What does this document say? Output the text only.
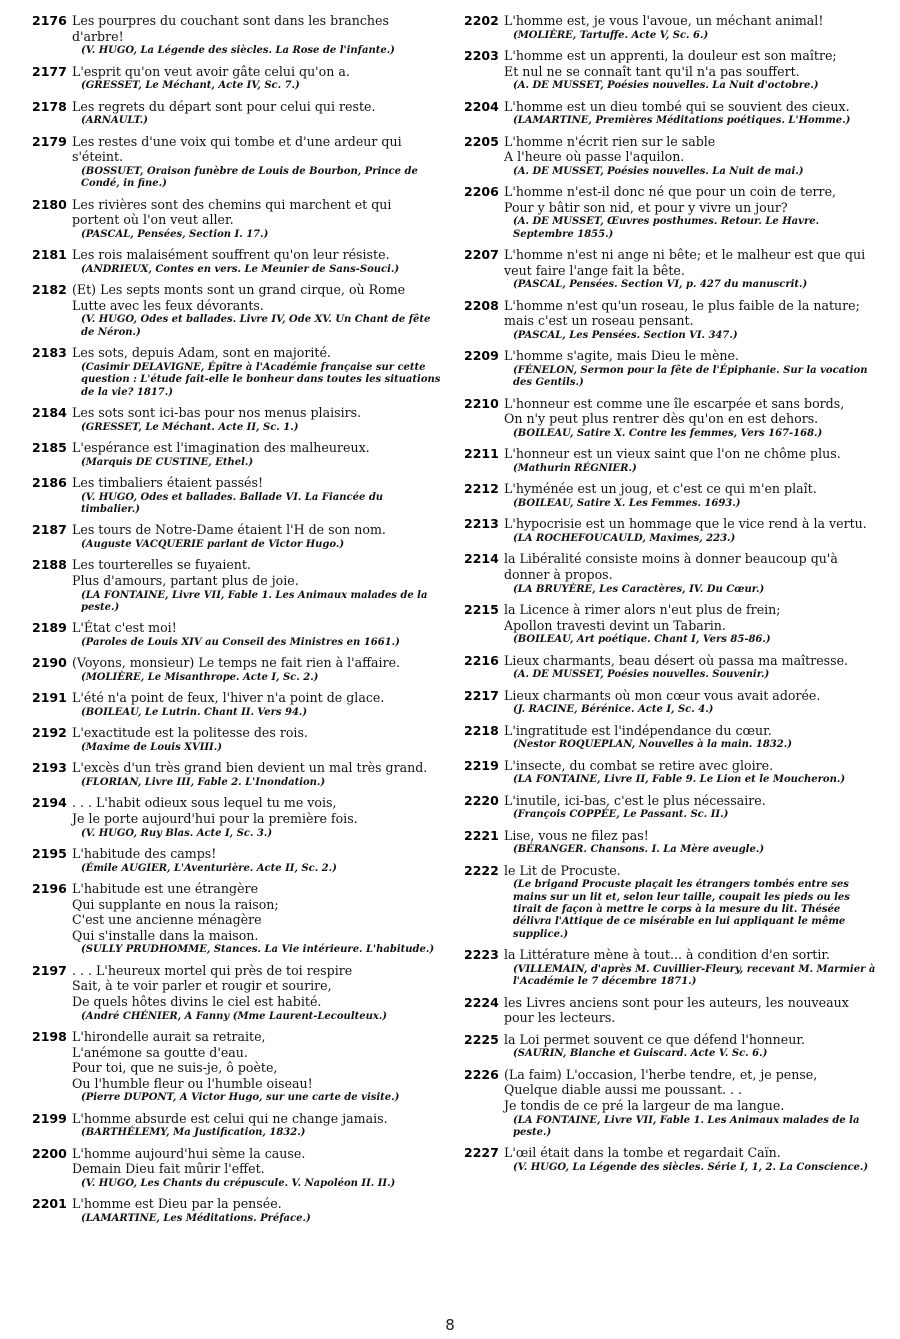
2176 Les pourpres du couchant sont dans les branches d'arbre!
(V. HUGO, La Légende des siècles. La Rose de l'infante.)
2177 L'esprit qu'on veut avoir gâte celui qu'on a.
(GRESSET, Le Méchant, Acte IV, Sc. 7.)
2178 Les regrets du départ sont pour celui qui reste.
(ARNAULT.)
2179 Les restes d'une voix qui tombe et d'une ardeur qui s'éteint.
(BOSSUET, Oraison funèbre de Louis de Bourbon, Prince de Condé, in fine.)
2180 Les rivières sont des chemins qui marchent et qui portent où l'on veut aller.
(PASCAL, Pensées, Section I. 17.)
2181 Les rois malaisément souffrent qu'on leur résiste.
(ANDRIEUX, Contes en vers. Le Meunier de Sans-Souci.)
2182 (Et) Les septs monts sont un grand cirque, où Rome
Lutte avec les feux dévorants.
(V. HUGO, Odes et ballades. Livre IV, Ode XV. Un Chant de fête de Néron.)
2183 Les sots, depuis Adam, sont en majorité.
(Casimir DELAVIGNE, Épître à l'Académie française sur cette question : L'étude fait-elle le bonheur dans toutes les situations de la vie? 1817.)
2184 Les sots sont ici-bas pour nos menus plaisirs.
(GRESSET, Le Méchant. Acte II, Sc. 1.)
2185 L'espérance est l'imagination des malheureux.
(Marquis DE CUSTINE, Ethel.)
2186 Les timbaliers étaient passés!
(V. HUGO, Odes et ballades. Ballade VI. La Fiancée du timbalier.)
2187 Les tours de Notre-Dame étaient l'H de son nom.
(Auguste VACQUERIE parlant de Victor Hugo.)
2188 Les tourterelles se fuyaient.
Plus d'amours, partant plus de joie.
(LA FONTAINE, Livre VII, Fable 1. Les Animaux malades de la peste.)
2189 L'État c'est moi!
(Paroles de Louis XIV au Conseil des Ministres en 1661.)
2190 (Voyons, monsieur) Le temps ne fait rien à l'affaire.
(MOLIÈRE, Le Misanthrope. Acte I, Sc. 2.)
2191 L'été n'a point de feux, l'hiver n'a point de glace.
(BOILEAU, Le Lutrin. Chant II. Vers 94.)
2192 L'exactitude est la politesse des rois.
(Maxime de Louis XVIII.)
2193 L'excès d'un très grand bien devient un mal très grand.
(FLORIAN, Livre III, Fable 2. L'Inondation.)
2194 . . . L'habit odieux sous lequel tu me vois,
Je le porte aujourd'hui pour la première fois.
(V. HUGO, Ruy Blas. Acte I, Sc. 3.)
2195 L'habitude des camps!
(Émile AUGIER, L'Aventurière. Acte II, Sc. 2.)
2196 L'habitude est une étrangère
Qui supplante en nous la raison;
C'est une ancienne ménagère
Qui s'installe dans la maison.
(SULLY PRUDHOMME, Stances. La Vie intérieure. L'habitude.)
2197 . . . L'heureux mortel qui près de toi respire
Sait, à te voir parler et rougir et sourire,
De quels hôtes divins le ciel est habité.
(André CHÉNIER, A Fanny (Mme Laurent-Lecoulteux.)
2198 L'hirondelle aurait sa retraite,
L'anémone sa goutte d'eau.
Pour toi, que ne suis-je, ô poète,
Ou l'humble fleur ou l'humble oiseau!
(Pierre DUPONT, A Victor Hugo, sur une carte de visite.)
2199 L'homme absurde est celui qui ne change jamais.
(BARTHÉLEMY, Ma Justification, 1832.)
2200 L'homme aujourd'hui sème la cause.
Demain Dieu fait mûrir l'effet.
(V. HUGO, Les Chants du crépuscule. V. Napoléon II. II.)
2201 L'homme est Dieu par la pensée.
(LAMARTINE, Les Méditations. Préface.)
2202 L'homme est, je vous l'avoue, un méchant animal!
(MOLIÈRE, Tartuffe. Acte V, Sc. 6.)
2203 L'homme est un apprenti, la douleur est son maître;
Et nul ne se connaît tant qu'il n'a pas souffert.
(A. DE MUSSET, Poésies nouvelles. La Nuit d'octobre.)
2204 L'homme est un dieu tombé qui se souvient des cieux.
(LAMARTINE, Premières Méditations poétiques. L'Homme.)
2205 L'homme n'écrit rien sur le sable
A l'heure où passe l'aquilon.
(A. DE MUSSET, Poésies nouvelles. La Nuit de mai.)
2206 L'homme n'est-il donc né que pour un coin de terre,
Pour y bâtir son nid, et pour y vivre un jour?
(A. DE MUSSET, Œuvres posthumes. Retour. Le Havre. Septembre 1855.)
2207 L'homme n'est ni ange ni bête; et le malheur est que qui veut faire l'ange fait la bête.
(PASCAL, Pensées. Section VI, p. 427 du manuscrit.)
2208 L'homme n'est qu'un roseau, le plus faible de la nature; mais c'est un roseau pensant.
(PASCAL, Les Pensées. Section VI. 347.)
2209 L'homme s'agite, mais Dieu le mène.
(FÉNELON, Sermon pour la fête de l'Épiphanie. Sur la vocation des Gentils.)
2210 L'honneur est comme une île escarpée et sans bords,
On n'y peut plus rentrer dès qu'on en est dehors.
(BOILEAU, Satire X. Contre les femmes, Vers 167-168.)
2211 L'honneur est un vieux saint que l'on ne chôme plus.
(Mathurin RÉGNIER.)
2212 L'hyménée est un joug, et c'est ce qui m'en plaît.
(BOILEAU, Satire X. Les Femmes. 1693.)
2213 L'hypocrisie est un hommage que le vice rend à la vertu.
(LA ROCHEFOUCAULD, Maximes, 223.)
2214 la Libéralité consiste moins à donner beaucoup qu'à donner à propos.
(LA BRUYÈRE, Les Caractères, IV. Du Cœur.)
2215 la Licence à rimer alors n'eut plus de frein;
Apollon travesti devint un Tabarin.
(BOILEAU, Art poétique. Chant I, Vers 85-86.)
2216 Lieux charmants, beau désert où passa ma maîtresse.
(A. DE MUSSET, Poésies nouvelles. Souvenir.)
2217 Lieux charmants où mon cœur vous avait adorée.
(J. RACINE, Bérénice. Acte I, Sc. 4.)
2218 L'ingratitude est l'indépendance du cœur.
(Nestor ROQUEPLAN, Nouvelles à la main. 1832.)
2219 L'insecte, du combat se retire avec gloire.
(LA FONTAINE, Livre II, Fable 9. Le Lion et le Moucheron.)
2220 L'inutile, ici-bas, c'est le plus nécessaire.
(François COPPÉE, Le Passant. Sc. II.)
2221 Lise, vous ne filez pas!
(BÉRANGER. Chansons. I. La Mère aveugle.)
2222 le Lit de Procuste.
(Le brigand Procuste plaçait les étrangers tombés entre ses mains sur un lit et, selon leur taille, coupait les pieds ou les tirait de façon à mettre le corps à la mesure du lit. Thésée délivra l'Attique de ce misérable en lui appliquant le même supplice.)
2223 la Littérature mène à tout... à condition d'en sortir.
(VILLEMAIN, d'après M. Cuvillier-Fleury, recevant M. Marmier à l'Académie le 7 décembre 1871.)
2224 les Livres anciens sont pour les auteurs, les nouveaux pour les lecteurs.
2225 la Loi permet souvent ce que défend l'honneur.
(SAURIN, Blanche et Guiscard. Acte V. Sc. 6.)
2226 (La faim) L'occasion, l'herbe tendre, et, je pense,
Quelque diable aussi me poussant. . .
Je tondis de ce pré la largeur de ma langue.
(LA FONTAINE, Livre VII, Fable 1. Les Animaux malades de la peste.)
2227 L'œil était dans la tombe et regardait Caïn.
(V. HUGO, La Légende des siècles. Série I, 1, 2. La Conscience.)
8
